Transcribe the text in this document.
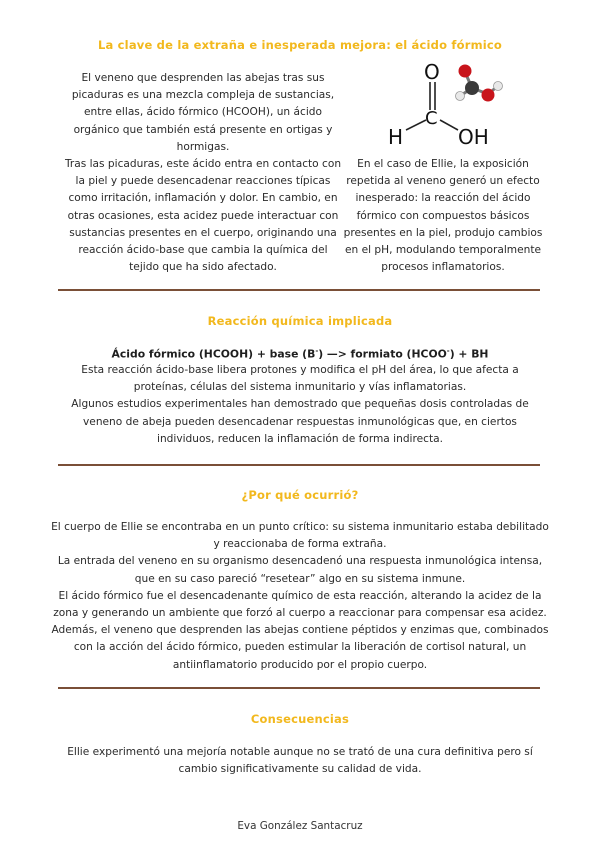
La clave de la extraña e inesperada mejora: el ácido fórmico
El veneno que desprenden las abejas tras sus
picaduras es una mezcla compleja de sustancias,
entre ellas, ácido fórmico (HCOOH), un ácido
orgánico que también está presente en ortigas y
hormigas.
Tras las picaduras, este ácido entra en contacto con
la piel y puede desencadenar reacciones típicas
como irritación, inflamación y dolor. En cambio, en
otras ocasiones, esta acidez puede interactuar con
sustancias presentes en el cuerpo, originando una
reacción ácido-base que cambia la química del
tejido que ha sido afectado.
O
C
H	OH
En el caso de Ellie, la exposición
repetida al veneno generó un efecto
inesperado: la reacción del ácido
fórmico con compuestos básicos
presentes en la piel, produjo cambios
en el pH, modulando temporalmente
procesos inflamatorios.
Reacción química implicada
Ácido fórmico (HCOOH) + base (B-) —> formiato (HCOO-) + BH
Esta reacción ácido-base libera protones y modifica el pH del área, lo que afecta a
proteínas, células del sistema inmunitario y vías inflamatorias.
Algunos estudios experimentales han demostrado que pequeñas dosis controladas de
veneno de abeja pueden desencadenar respuestas inmunológicas que, en ciertos
individuos, reducen la inflamación de forma indirecta.
¿Por qué ocurrió?
El cuerpo de Ellie se encontraba en un punto crítico: su sistema inmunitario estaba debilitado
y reaccionaba de forma extraña.
La entrada del veneno en su organismo desencadenó una respuesta inmunológica intensa,
que en su caso pareció “resetear” algo en su sistema inmune.
El ácido fórmico fue el desencadenante químico de esta reacción, alterando la acidez de la
zona y generando un ambiente que forzó al cuerpo a reaccionar para compensar esa acidez.
Además, el veneno que desprenden las abejas contiene péptidos y enzimas que, combinados
con la acción del ácido fórmico, pueden estimular la liberación de cortisol natural, un
antiinflamatorio producido por el propio cuerpo.
Consecuencias
Ellie experimentó una mejoría notable aunque no se trató de una cura definitiva pero sí
cambio significativamente su calidad de vida.
Eva González Santacruz
